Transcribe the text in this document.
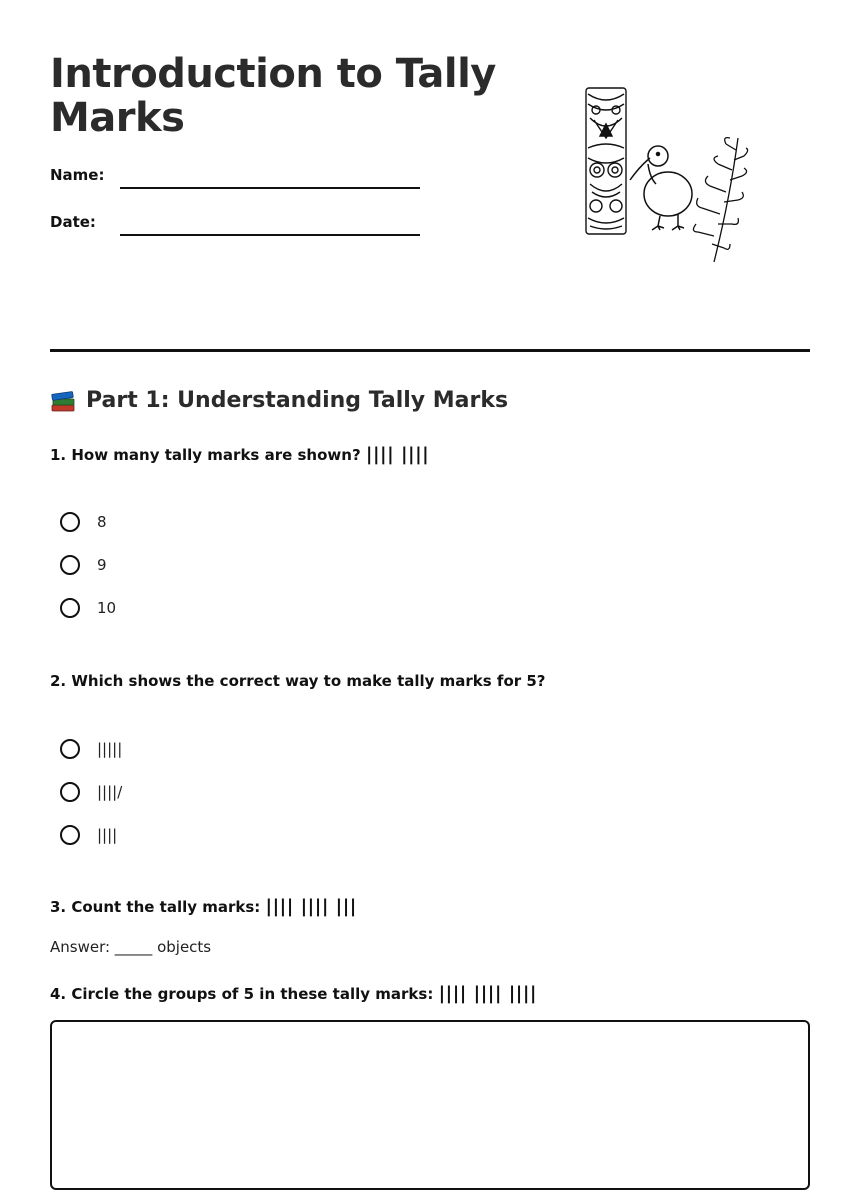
Introduction to Tally Marks
Name:
Date:
Part 1: Understanding Tally Marks

1. How many tally marks are shown? |||| ||||

8
9
10

2. Which shows the correct way to make tally marks for 5?

|||||
||||/
||||

3. Count the tally marks: |||| |||| |||

Answer: _____ objects

4. Circle the groups of 5 in these tally marks: |||| |||| ||||
